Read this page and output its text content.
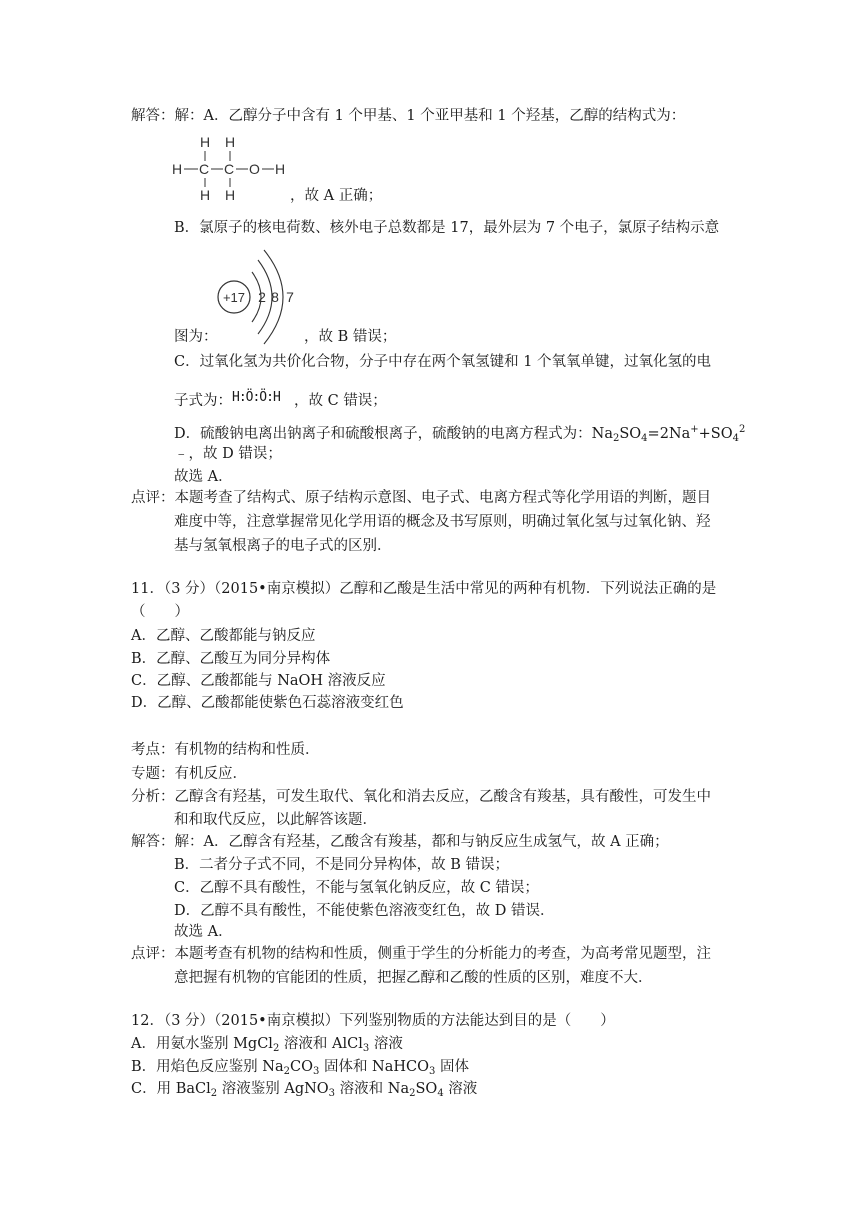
解答：解：A．乙醇分子中含有 1 个甲基、1 个亚甲基和 1 个羟基，乙醇的结构式为：
H H
H C C O H
H H	，故 A 正确；
B．氯原子的核电荷数、核外电子总数都是 17，最外层为 7 个电子，氯原子结构示意
+17 2 8 7
图为：	，故 B 错误；
C．过氧化氢为共价化合物，分子中存在两个氧氢键和 1 个氧氧单键，过氧化氢的电
子式为： H:Ö:Ö:H ，故 C 错误；
D．硫酸钠电离出钠离子和硫酸根离子，硫酸钠的电离方程式为：$Na_2SO_4=2Na^++SO_4^2$
﹣，故 D 错误；
故选 A．
点评：本题考查了结构式、原子结构示意图、电子式、电离方程式等化学用语的判断，题目
难度中等，注意掌握常见化学用语的概念及书写原则，明确过氧化氢与过氧化钠、羟
基与氢氧根离子的电子式的区别．
11．（3 分）（2015•南京模拟）乙醇和乙酸是生活中常见的两种有机物．下列说法正确的是
（　　）
A．乙醇、乙酸都能与钠反应
B．乙醇、乙酸互为同分异构体
C．乙醇、乙酸都能与 NaOH 溶液反应
D．乙醇、乙酸都能使紫色石蕊溶液变红色
考点：有机物的结构和性质．
专题：有机反应．
分析：乙醇含有羟基，可发生取代、氧化和消去反应，乙酸含有羧基，具有酸性，可发生中
和和取代反应，以此解答该题．
解答：解：A．乙醇含有羟基，乙酸含有羧基，都和与钠反应生成氢气，故 A 正确；
B．二者分子式不同，不是同分异构体，故 B 错误；
C．乙醇不具有酸性，不能与氢氧化钠反应，故 C 错误；
D．乙醇不具有酸性，不能使紫色溶液变红色，故 D 错误．
故选 A．
点评：本题考查有机物的结构和性质，侧重于学生的分析能力的考查，为高考常见题型，注
意把握有机物的官能团的性质，把握乙醇和乙酸的性质的区别，难度不大．
12．（3 分）（2015•南京模拟）下列鉴别物质的方法能达到目的是（　　）
A．用氨水鉴别 MgCl$_2$ 溶液和 AlCl$_3$ 溶液
B．用焰色反应鉴别 $Na_2CO_3$ 固体和 NaHCO$_3$ 固体
C．用 BaCl$_2$ 溶液鉴别 AgNO$_3$ 溶液和 $Na_2SO_4$ 溶液
